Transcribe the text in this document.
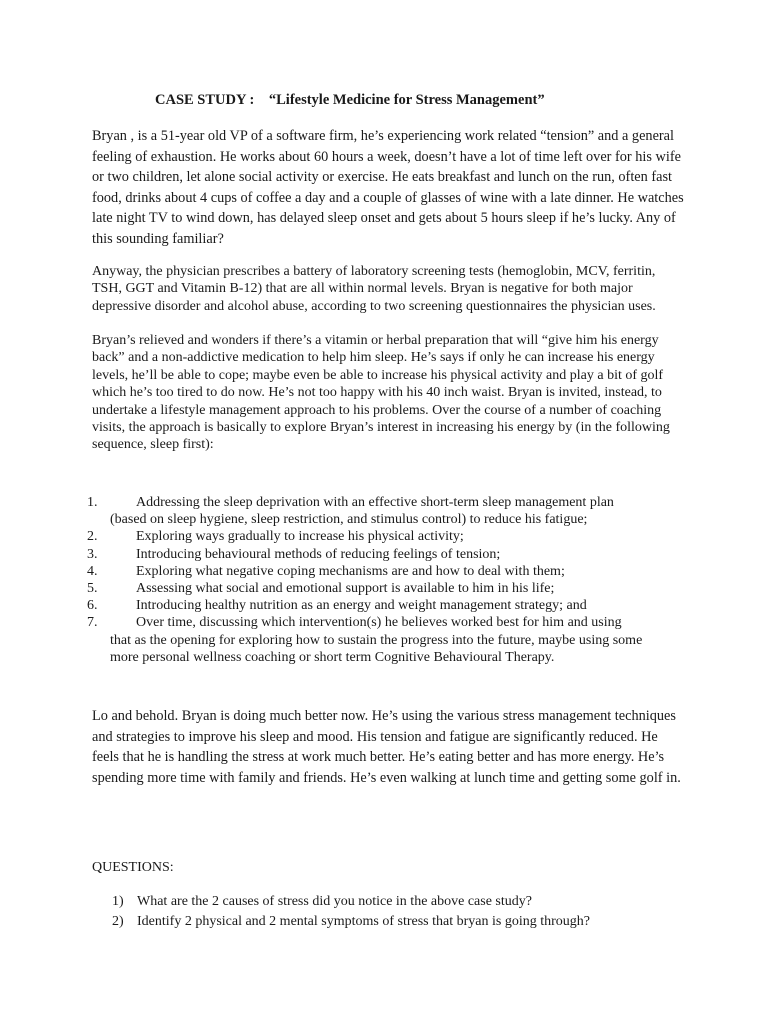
CASE STUDY :    “Lifestyle Medicine for Stress Management”

Bryan , is a 51-year old VP of a software firm, he’s experiencing work related “tension” and a general feeling of exhaustion. He works about 60 hours a week, doesn’t have a lot of time left over for his wife or two children, let alone social activity or exercise. He eats breakfast and lunch on the run, often fast food, drinks about 4 cups of coffee a day and a couple of glasses of wine with a late dinner. He watches late night TV to wind down, has delayed sleep onset and gets about 5 hours sleep if he’s lucky. Any of this sounding familiar?

Anyway, the physician prescribes a battery of laboratory screening tests (hemoglobin, MCV, ferritin, TSH, GGT and Vitamin B-12) that are all within normal levels. Bryan is negative for both major depressive disorder and alcohol abuse, according to two screening questionnaires the physician uses.

Bryan’s relieved and wonders if there’s a vitamin or herbal preparation that will “give him his energy back” and a non-addictive medication to help him sleep. He’s says if only he can increase his energy levels, he’ll be able to cope; maybe even be able to increase his physical activity and play a bit of golf which he’s too tired to do now. He’s not too happy with his 40 inch waist. Bryan is invited, instead, to undertake a lifestyle management approach to his problems. Over the course of a number of coaching visits, the approach is basically to explore Bryan’s interest in increasing his energy by (in the following sequence, sleep first):

1.	Addressing the sleep deprivation with an effective short-term sleep management plan
(based on sleep hygiene, sleep restriction, and stimulus control) to reduce his fatigue;
2.	Exploring ways gradually to increase his physical activity;
3.	Introducing behavioural methods of reducing feelings of tension;
4.	Exploring what negative coping mechanisms are and how to deal with them;
5.	Assessing what social and emotional support is available to him in his life;
6.	Introducing healthy nutrition as an energy and weight management strategy; and
7.	Over time, discussing which intervention(s) he believes worked best for him and using
that as the opening for exploring how to sustain the progress into the future, maybe using some more personal wellness coaching or short term Cognitive Behavioural Therapy.

Lo and behold. Bryan is doing much better now. He’s using the various stress management techniques and strategies to improve his sleep and mood. His tension and fatigue are significantly reduced. He feels that he is handling the stress at work much better. He’s eating better and has more energy. He’s spending more time with family and friends. He’s even walking at lunch time and getting some golf in.

QUESTIONS:

1) What are the 2 causes of stress did you notice in the above case study?
2) Identify 2 physical and 2 mental symptoms of stress that bryan is going through?
